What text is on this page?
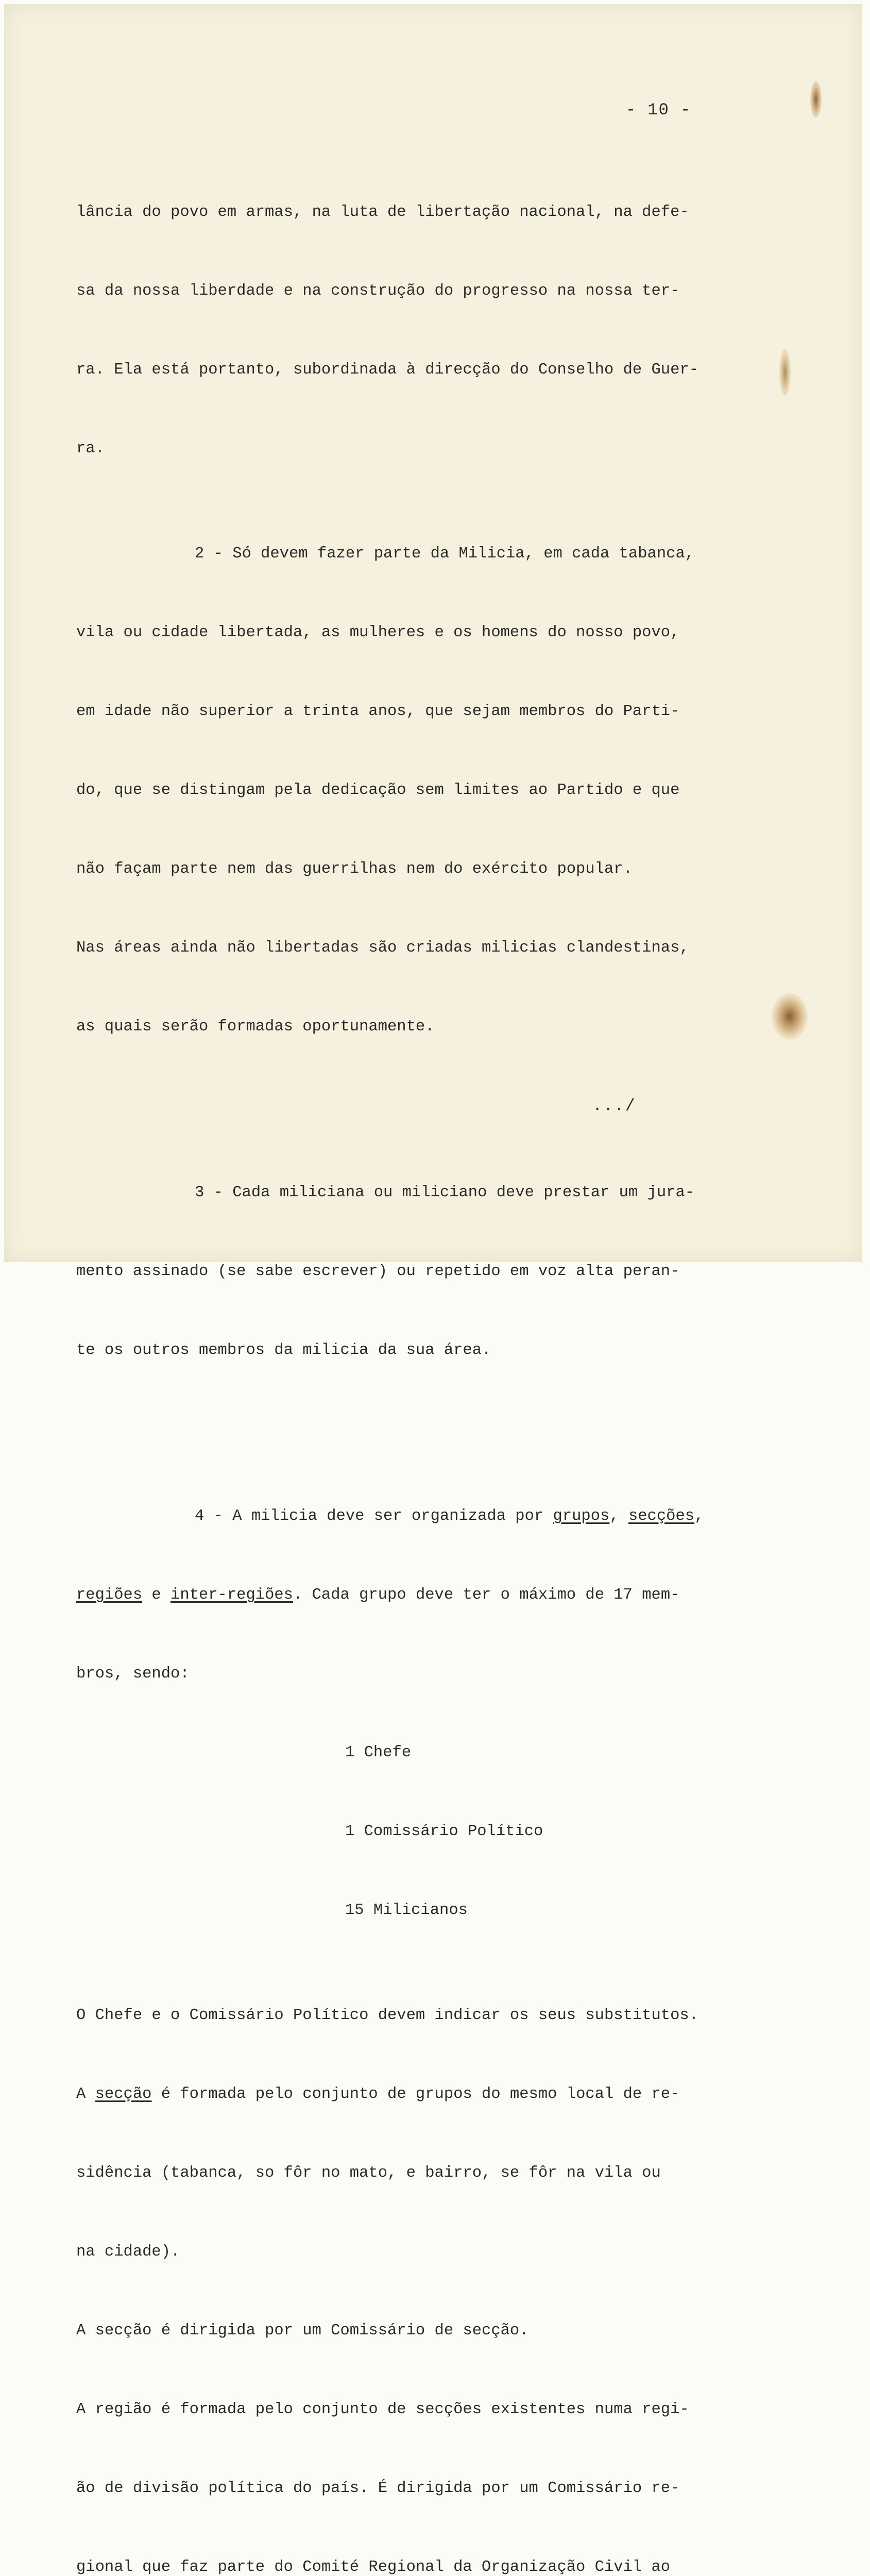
- 10 -

lância do povo em armas, na luta de libertação nacional, na defe-

sa da nossa liberdade e na construção do progresso na nossa ter-

ra. Ela está portanto, subordinada à direcção do Conselho de Guer-

ra.

2 - Só devem fazer parte da Milicia, em cada tabanca,

vila ou cidade libertada, as mulheres e os homens do nosso povo,

em idade não superior a trinta anos, que sejam membros do Parti-

do, que se distingam pela dedicação sem limites ao Partido e que

não façam parte nem das guerrilhas nem do exército popular.

Nas áreas ainda não libertadas são criadas milicias clandestinas,

as quais serão formadas oportunamente.

3 - Cada miliciana ou miliciano deve prestar um jura-

mento assinado (se sabe escrever) ou repetido em voz alta peran-

te os outros membros da milicia da sua área.

4 - A milicia deve ser organizada por grupos, secções,

regiões e inter-regiões. Cada grupo deve ter o máximo de 17 mem-

bros, sendo:

1 Chefe

1 Comissário Político

15 Milicianos

O Chefe e o Comissário Político devem indicar os seus substitutos.

A secção é formada pelo conjunto de grupos do mesmo local de re-

sidência (tabanca, so fôr no mato, e bairro, se fôr na vila ou

na cidade).

A secção é dirigida por um Comissário de secção.

A região é formada pelo conjunto de secções existentes numa regi-

ão de divisão política do país. É dirigida por um Comissário re-

gional que faz parte do Comité Regional da Organização Civil ao

.../
